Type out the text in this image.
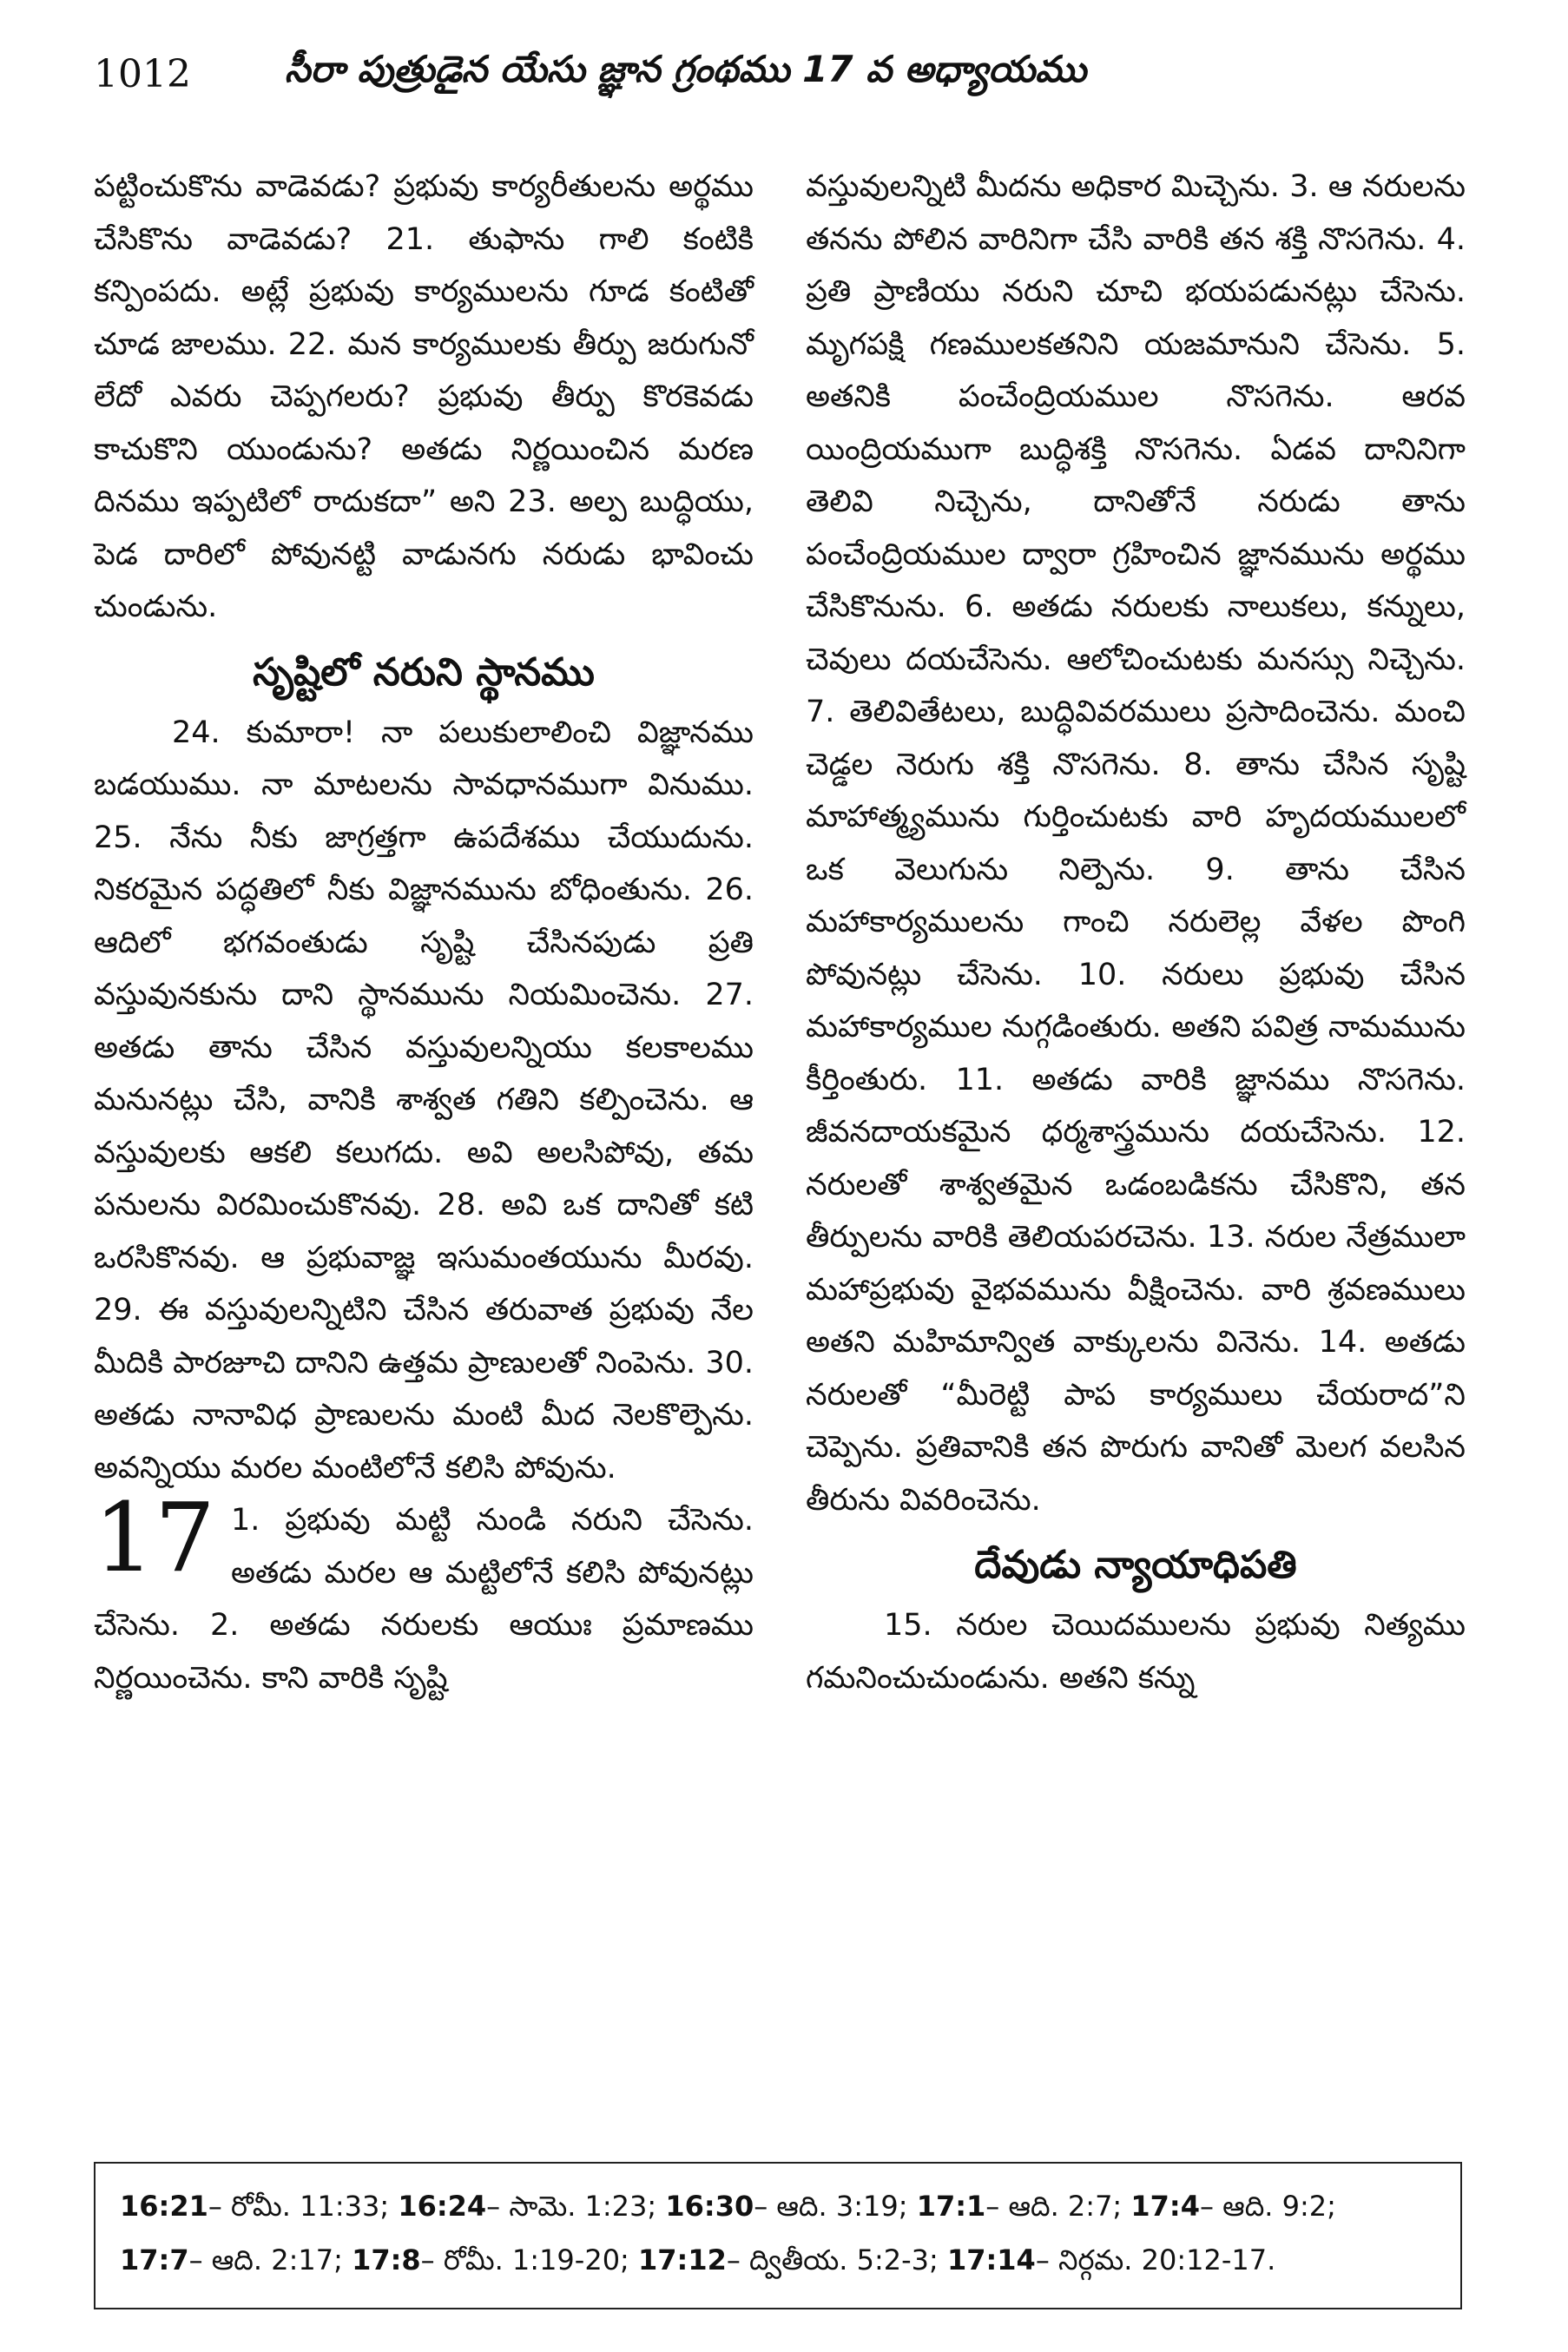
1012	సీరా పుత్రుడైన యేసు జ్ఞాన గ్రంథము 17 వ అధ్యాయము

పట్టించుకొను వాడెవడు? ప్రభువు కార్యరీతులను అర్థము చేసికొను వాడెవడు? 21. తుఫాను గాలి కంటికి కన్పింపదు. అట్లే ప్రభువు కార్యములను గూడ కంటితో చూడ జాలము. 22. మన కార్యములకు తీర్పు జరుగునో లేదో ఎవరు చెప్పగలరు? ప్రభువు తీర్పు కొరకెవడు కాచుకొని యుండును? అతడు నిర్ణయించిన మరణ దినము ఇప్పటిలో రాదుకదా” అని 23. అల్ప బుద్ధియు, పెడ దారిలో పోవునట్టి వాడునగు నరుడు భావించు చుండును.

సృష్టిలో నరుని స్థానము

24. కుమారా! నా పలుకులాలించి విజ్ఞానము బడయుము. నా మాటలను సావధానముగా వినుము. 25. నేను నీకు జాగ్రత్తగా ఉపదేశము చేయుదును. నికరమైన పద్ధతిలో నీకు విజ్ఞానమును బోధింతును. 26. ఆదిలో భగవంతుడు సృష్టి చేసినపుడు ప్రతి వస్తువునకును దాని స్థానమును నియమించెను. 27. అతడు తాను చేసిన వస్తువులన్నియు కలకాలము మనునట్లు చేసి, వానికి శాశ్వత గతిని కల్పించెను. ఆ వస్తువులకు ఆకలి కలుగదు. అవి అలసిపోవు, తమ పనులను విరమించుకొనవు. 28. అవి ఒక దానితో కటి ఒరసికొనవు. ఆ ప్రభువాజ్ఞ ఇసుమంతయును మీరవు. 29. ఈ వస్తువులన్నిటిని చేసిన తరువాత ప్రభువు నేల మీదికి పారజూచి దానిని ఉత్తమ ప్రాణులతో నింపెను. 30. అతడు నానావిధ ప్రాణులను మంటి మీద నెలకొల్పెను. అవన్నియు మరల మంటిలోనే కలిసి పోవును.

17 1. ప్రభువు మట్టి నుండి నరుని చేసెను. అతడు మరల ఆ మట్టిలోనే కలిసి పోవునట్లు చేసెను. 2. అతడు నరులకు ఆయుః ప్రమాణము నిర్ణయించెను. కాని వారికి సృష్టి

వస్తువులన్నిటి మీదను అధికార మిచ్చెను. 3. ఆ నరులను తనను పోలిన వారినిగా చేసి వారికి తన శక్తి నొసగెను. 4. ప్రతి ప్రాణియు నరుని చూచి భయపడునట్లు చేసెను. మృగపక్షి గణములకతనిని యజమానుని చేసెను. 5. అతనికి పంచేంద్రియముల నొసగెను. ఆరవ యింద్రియముగా బుద్ధిశక్తి నొసగెను. ఏడవ దానినిగా తెలివి నిచ్చెను, దానితోనే నరుడు తాను పంచేంద్రియముల ద్వారా గ్రహించిన జ్ఞానమును అర్థము చేసికొనును. 6. అతడు నరులకు నాలుకలు, కన్నులు, చెవులు దయచేసెను. ఆలోచించుటకు మనస్సు నిచ్చెను. 7. తెలివితేటలు, బుద్ధివివరములు ప్రసాదించెను. మంచి చెడ్డల నెరుగు శక్తి నొసగెను. 8. తాను చేసిన సృష్టి మాహాత్మ్యమును గుర్తించుటకు వారి హృదయములలో ఒక వెలుగును నిల్పెను. 9. తాను చేసిన మహాకార్యములను గాంచి నరులెల్ల వేళల పొంగి పోవునట్లు చేసెను. 10. నరులు ప్రభువు చేసిన మహాకార్యముల నుగ్గడింతురు. అతని పవిత్ర నామమును కీర్తింతురు. 11. అతడు వారికి జ్ఞానము నొసగెను. జీవనదాయకమైన ధర్మశాస్త్రమును దయచేసెను. 12. నరులతో శాశ్వతమైన ఒడంబడికను చేసికొని, తన తీర్పులను వారికి తెలియపరచెను. 13. నరుల నేత్రములా మహాప్రభువు వైభవమును వీక్షించెను. వారి శ్రవణములు అతని మహిమాన్విత వాక్కులను వినెను. 14. అతడు నరులతో “మీరెట్టి పాప కార్యములు చేయరాద”ని చెప్పెను. ప్రతివానికి తన పొరుగు వానితో మెలగ వలసిన తీరును వివరించెను.

దేవుడు న్యాయాధిపతి

15. నరుల చెయిదములను ప్రభువు నిత్యము గమనించుచుండును. అతని కన్ను

16:21– రోమీ. 11:33; 16:24– సామె. 1:23; 16:30– ఆది. 3:19; 17:1– ఆది. 2:7; 17:4– ఆది. 9:2;
17:7– ఆది. 2:17; 17:8– రోమీ. 1:19-20; 17:12– ద్వితీయ. 5:2-3; 17:14– నిర్గమ. 20:12-17.
